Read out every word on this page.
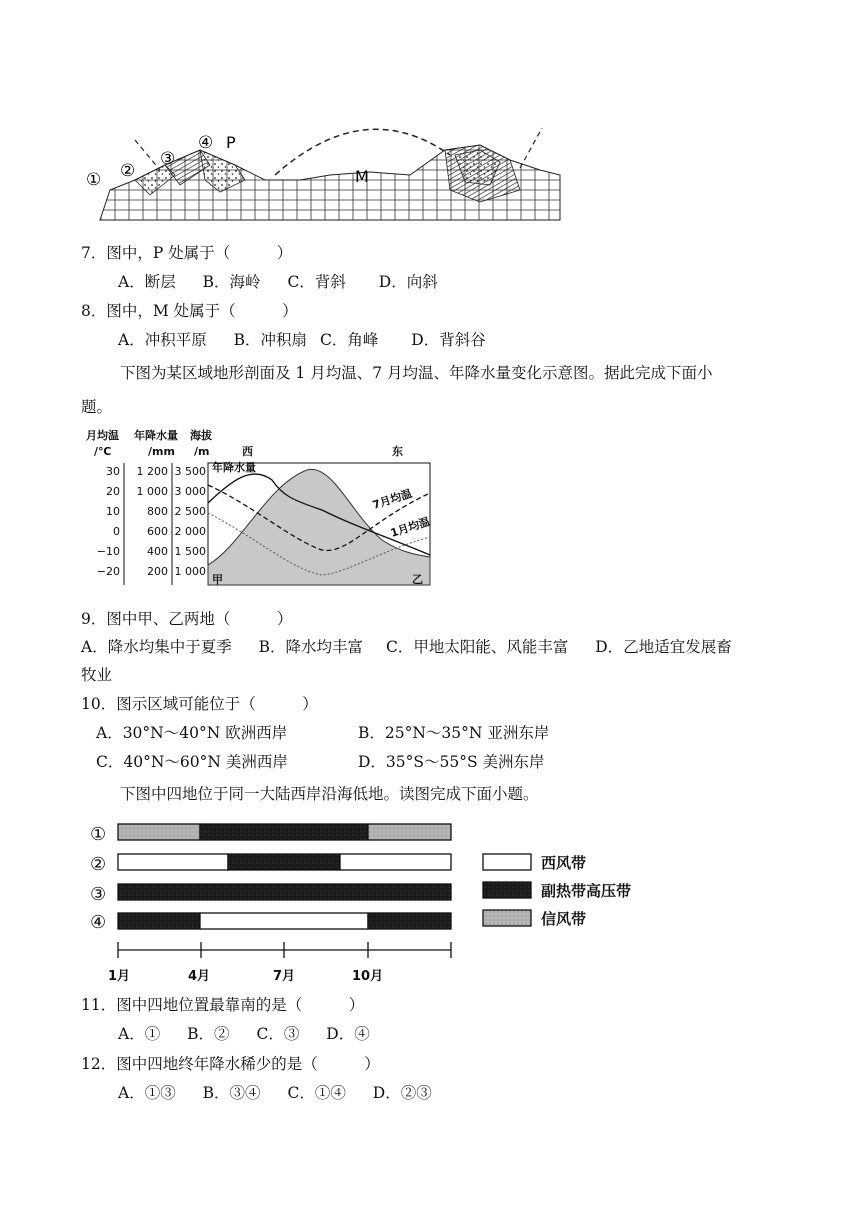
① ②
③
④ P
M
7．图中，P 处属于（　　　）
A．断层 B．海岭 C．背斜 D．向斜
8．图中，M 处属于（　　　）
A．冲积平原 B．冲积扇 C．角峰 D．背斜谷
下图为某区域地形剖面及 1 月均温、7 月均温、年降水量变化示意图。据此完成下面小
题。
月均温
/℃
年降水量
/mm
海拔
/m	西	东
30
20
10
0
−10
−20
1 200
1 000
800
600
400
200
3 500
3 000
2 500
2 000
1 500
1 000
年降水量
7月均温
1月均温
甲	乙
9．图中甲、乙两地（　　　）
A．降水均集中于夏季 B．降水均丰富 C．甲地太阳能、风能丰富 D．乙地适宜发展畜
牧业
10．图示区域可能位于（　　　）
A．30°N～40°N 欧洲西岸	B．25°N～35°N 亚洲东岸
C．40°N～60°N 美洲西岸	D．35°S～55°S 美洲东岸
下图中四地位于同一大陆西岸沿海低地。读图完成下面小题。
①
②
③
④
1月	4月	7月	10月
西风带
副热带高压带
信风带
11．图中四地位置最靠南的是（　　　）
A．① B．② C．③ D．④
12．图中四地终年降水稀少的是（　　　）
A．①③ B．③④ C．①④ D．②③
